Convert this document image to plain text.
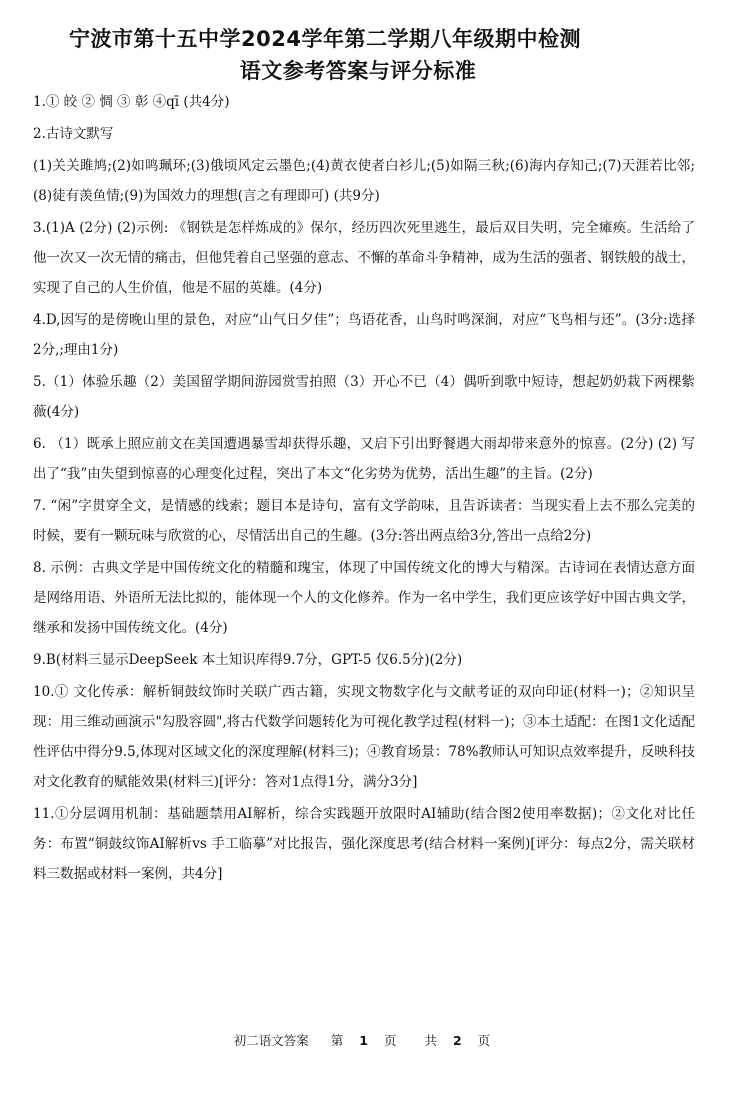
宁波市第十五中学2024学年第二学期八年级期中检测
语文参考答案与评分标准

1.① 皎 ② 惆 ③ 彰 ④qī (共4分)

2.古诗文默写

(1)关关雎鸠;(2)如鸣珮环;(3)俄顷风定云墨色;(4)黄衣使者白衫儿;(5)如隔三秋;(6)海内存知己;(7)天涯若比邻;(8)徒有羡鱼情;(9)为国效力的理想(言之有理即可) (共9分)

3.(1)A (2分) (2)示例: 《钢铁是怎样炼成的》保尔，经历四次死里逃生，最后双目失明，完全瘫痪。生活给了他一次又一次无情的痛击，但他凭着自己坚强的意志、不懈的革命斗争精神，成为生活的强者、钢铁般的战士，实现了自己的人生价值，他是不屈的英雄。(4分)

4.D,因写的是傍晚山里的景色，对应“山气日夕佳”；鸟语花香，山鸟时鸣深涧，对应“飞鸟相与还”。(3分:选择2分,;理由1分)

5.（1）体验乐趣（2）美国留学期间游园赏雪拍照（3）开心不已（4）偶听到歌中短诗，想起奶奶栽下两棵紫薇(4分)

6. （1）既承上照应前文在美国遭遇暴雪却获得乐趣，又启下引出野餐遇大雨却带来意外的惊喜。(2分) (2) 写出了“我”由失望到惊喜的心理变化过程，突出了本文“化劣势为优势，活出生趣”的主旨。(2分)

7. “闲”字贯穿全文，是情感的线索；题目本是诗句，富有文学韵味，且告诉读者：当现实看上去不那么完美的时候，要有一颗玩味与欣赏的心，尽情活出自己的生趣。(3分:答出两点给3分,答出一点给2分)

8. 示例：古典文学是中国传统文化的精髓和瑰宝，体现了中国传统文化的博大与精深。古诗词在表情达意方面是网络用语、外语所无法比拟的，能体现一个人的文化修养。作为一名中学生，我们更应该学好中国古典文学，继承和发扬中国传统文化。(4分)

9.B(材料三显示DeepSeek 本土知识库得9.7分，GPT-5 仅6.5分)(2分)

10.① 文化传承：解析铜鼓纹饰时关联广西古籍，实现文物数字化与文献考证的双向印证(材料一)；②知识呈现：用三维动画演示"勾股容圆",将古代数学问题转化为可视化教学过程(材料一)；③本土适配：在图1文化适配性评估中得分9.5,体现对区域文化的深度理解(材料三)；④教育场景：78%教师认可知识点效率提升，反映科技对文化教育的赋能效果(材料三)[评分：答对1点得1分，满分3分]

11.①分层调用机制：基础题禁用AI解析，综合实践题开放限时AI辅助(结合图2使用率数据)；②文化对比任务：布置“铜鼓纹饰AI解析vs 手工临摹”对比报告，强化深度思考(结合材料一案例)[评分：每点2分，需关联材料三数据或材料一案例，共4分]

初二语文答案 第 1 页 共 2 页
